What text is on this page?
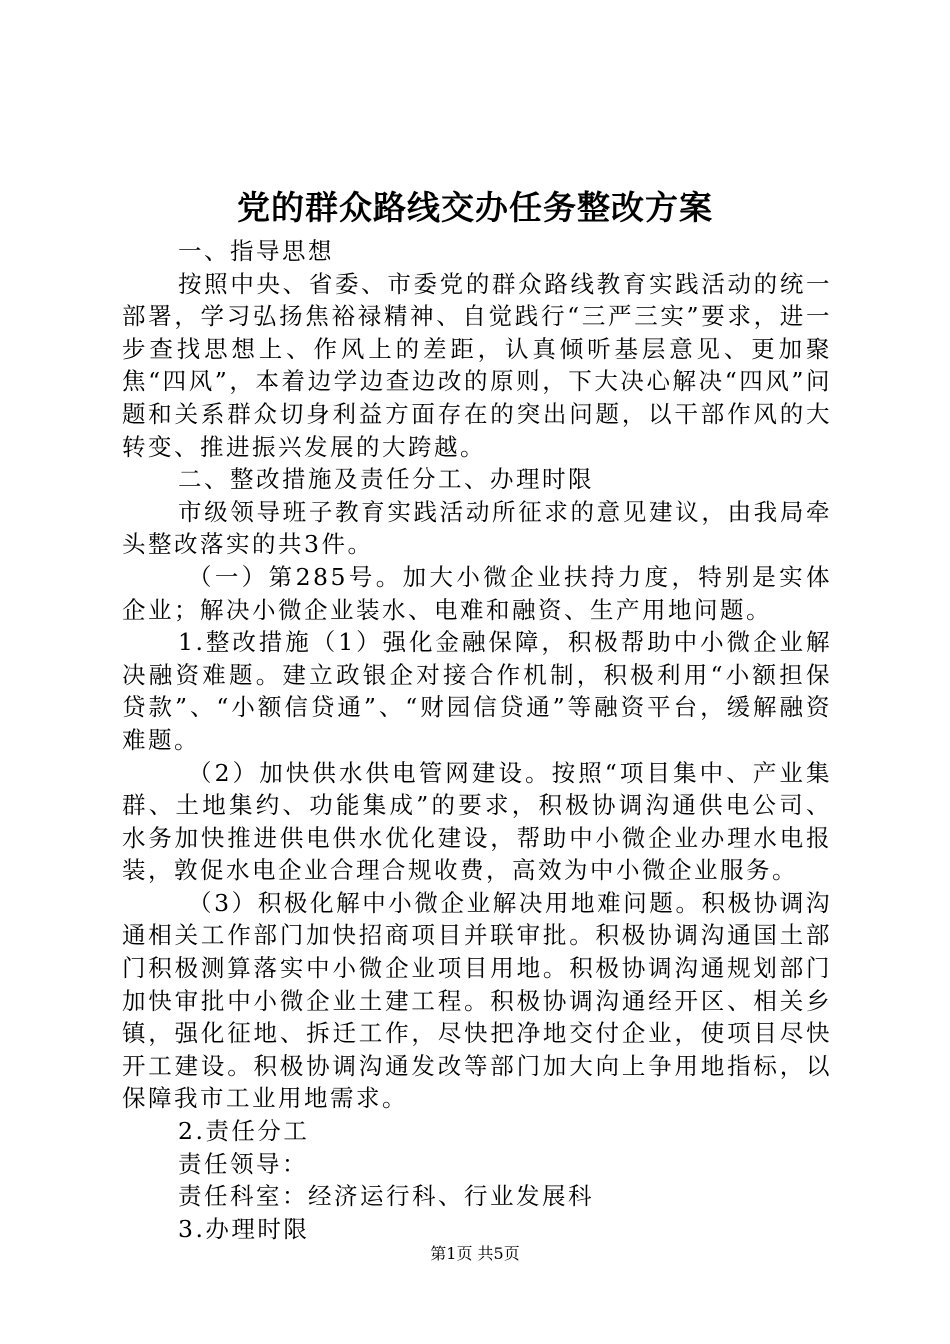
党的群众路线交办任务整改方案

一、指导思想

按照中央、省委、市委党的群众路线教育实践活动的统一部署，学习弘扬焦裕禄精神、自觉践行“三严三实”要求，进一步查找思想上、作风上的差距，认真倾听基层意见、更加聚焦“四风”，本着边学边查边改的原则，下大决心解决“四风”问题和关系群众切身利益方面存在的突出问题，以干部作风的大转变、推进振兴发展的大跨越。

二、整改措施及责任分工、办理时限

市级领导班子教育实践活动所征求的意见建议，由我局牵头整改落实的共3件。

（一）第285号。加大小微企业扶持力度，特别是实体企业；解决小微企业装水、电难和融资、生产用地问题。

1.整改措施（1）强化金融保障，积极帮助中小微企业解决融资难题。建立政银企对接合作机制，积极利用“小额担保贷款”、“小额信贷通”、“财园信贷通”等融资平台，缓解融资难题。

（2）加快供水供电管网建设。按照“项目集中、产业集群、土地集约、功能集成”的要求，积极协调沟通供电公司、水务加快推进供电供水优化建设，帮助中小微企业办理水电报装，敦促水电企业合理合规收费，高效为中小微企业服务。

（3）积极化解中小微企业解决用地难问题。积极协调沟通相关工作部门加快招商项目并联审批。积极协调沟通国土部门积极测算落实中小微企业项目用地。积极协调沟通规划部门加快审批中小微企业土建工程。积极协调沟通经开区、相关乡镇，强化征地、拆迁工作，尽快把净地交付企业，使项目尽快开工建设。积极协调沟通发改等部门加大向上争用地指标，以保障我市工业用地需求。

2.责任分工

责任领导：

责任科室：经济运行科、行业发展科

3.办理时限

第1页 共5页
